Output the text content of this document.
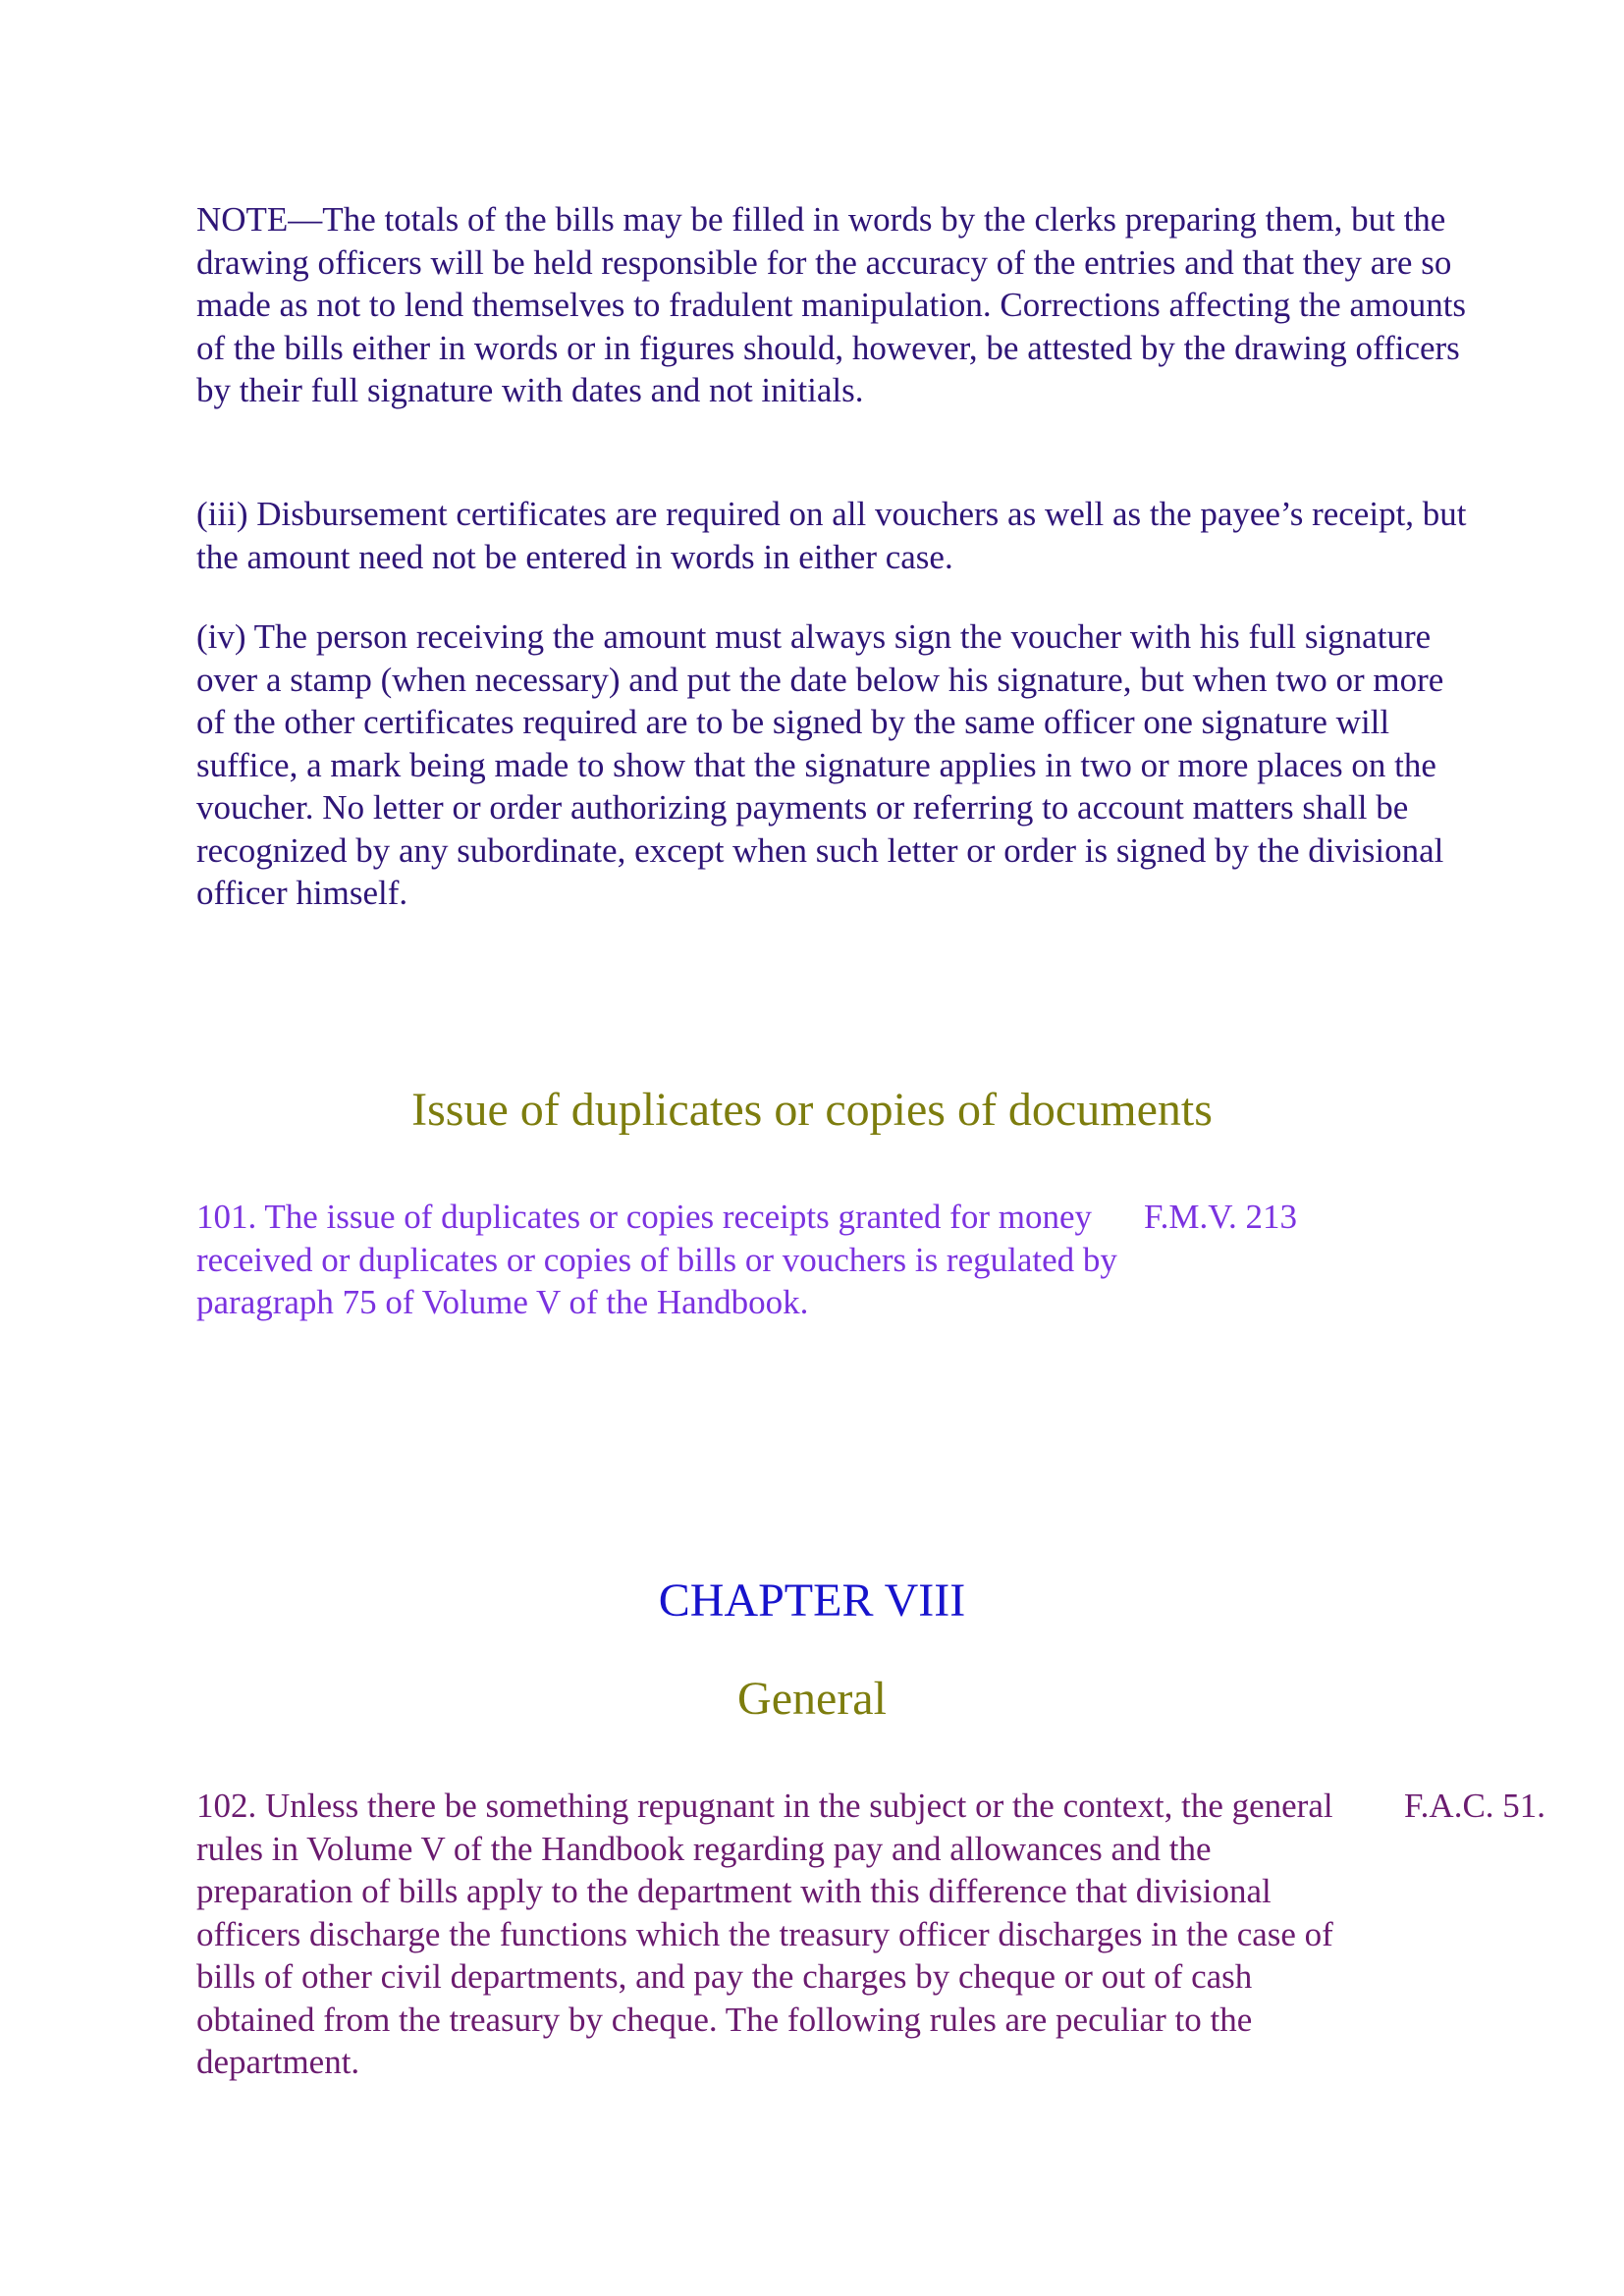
NOTE—The totals of the bills may be filled in words by the clerks preparing them, but the drawing officers will be held responsible for the accuracy of the entries and that they are so made as not to lend themselves to fradulent manipulation. Corrections affecting the amounts of the bills either in words or in figures should, however, be attested by the drawing officers by their full signature with dates and not initials.

(iii) Disbursement certificates are required on all vouchers as well as the payee’s receipt, but the amount need not be entered in words in either case.

(iv) The person receiving the amount must always sign the voucher with his full signature over a stamp (when necessary) and put the date below his signature, but when two or more of the other certificates required are to be signed by the same officer one signature will suffice, a mark being made to show that the signature applies in two or more places on the voucher. No letter or order authorizing payments or referring to account matters shall be recognized by any subordinate, except when such letter or order is signed by the divisional officer himself.

Issue of duplicates or copies of documents

101. The issue of duplicates or copies receipts granted for money received or duplicates or copies of bills or vouchers is regulated by paragraph 75 of Volume V of the Handbook.

F.M.V. 213

CHAPTER VIII
General

102. Unless there be something repugnant in the subject or the context, the general rules in Volume V of the Handbook regarding pay and allowances and the preparation of bills apply to the department with this difference that divisional officers discharge the functions which the treasury officer discharges in the case of bills of other civil departments, and pay the charges by cheque or out of cash obtained from the treasury by cheque. The following rules are peculiar to the department.

F.A.C. 51.
